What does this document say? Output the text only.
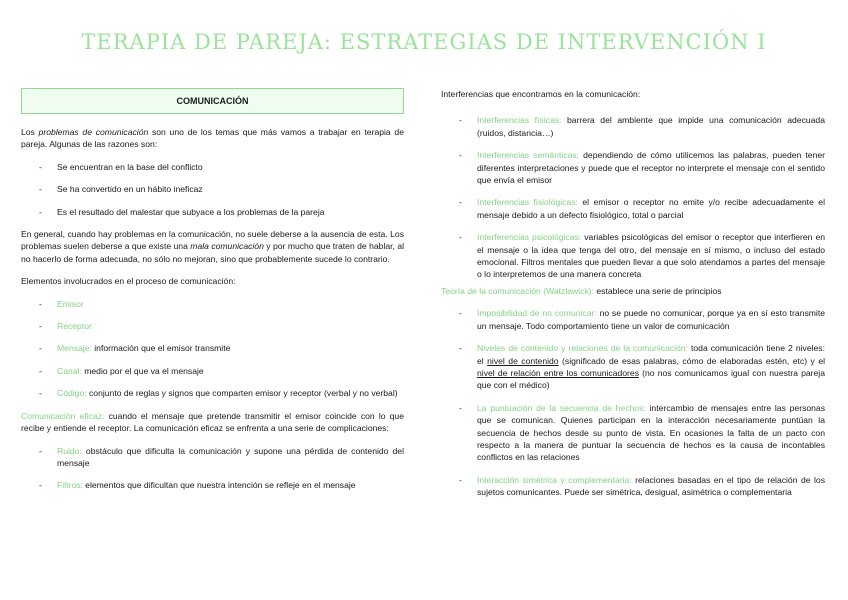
TERAPIA DE PAREJA: ESTRATEGIAS DE INTERVENCIÓN I
COMUNICACIÓN

Los problemas de comunicación son uno de los temas que más vamos a trabajar en terapia de pareja. Algunas de las razones son:

- Se encuentran en la base del conflicto
- Se ha convertido en un hábito ineficaz
- Es el resultado del malestar que subyace a los problemas de la pareja

En general, cuando hay problemas en la comunicación, no suele deberse a la ausencia de esta. Los problemas suelen deberse a que existe una mala comunicación y por mucho que traten de hablar, al no hacerlo de forma adecuada, no sólo no mejoran, sino que probablemente sucede lo contrario.

Elementos involucrados en el proceso de comunicación:

- Emisor
- Receptor
- Mensaje: información que el emisor transmite
- Canal: medio por el que va el mensaje
- Código: conjunto de reglas y signos que comparten emisor y receptor (verbal y no verbal)

Comunicación eficaz: cuando el mensaje que pretende transmitir el emisor coincide con lo que recibe y entiende el receptor. La comunicación eficaz se enfrenta a una serie de complicaciones:

- Ruido: obstáculo que dificulta la comunicación y supone una pérdida de contenido del mensaje
- Filtros: elementos que dificultan que nuestra intención se refleje en el mensaje

Interferencias que encontramos en la comunicación:

- Interferencias físicas: barrera del ambiente que impide una comunicación adecuada (ruidos, distancia…)
- Interferencias semánticas: dependiendo de cómo utilicemos las palabras, pueden tener diferentes interpretaciones y puede que el receptor no interprete el mensaje con el sentido que envía el emisor
- Interferencias fisiológicas: el emisor o receptor no emite y/o recibe adecuadamente el mensaje debido a un defecto fisiológico, total o parcial
- Interferencias psicológicas: variables psicológicas del emisor o receptor que interfieren en el mensaje o la idea que tenga del otro, del mensaje en sí mismo, o incluso del estado emocional. Filtros mentales que pueden llevar a que solo atendamos a partes del mensaje o lo interpretemos de una manera concreta

Teoría de la comunicación (Watzlawick): establece una serie de principios

- Imposibilidad de no comunicar: no se puede no comunicar, porque ya en sí esto transmite un mensaje. Todo comportamiento tiene un valor de comunicación
- Niveles de contenido y relaciones de la comunicación: toda comunicación tiene 2 niveles: el nivel de contenido (significado de esas palabras, cómo de elaboradas estén, etc) y el nivel de relación entre los comunicadores (no nos comunicamos igual con nuestra pareja que con el médico)
- La puntuación de la secuencia de hechos: intercambio de mensajes entre las personas que se comunican. Quienes participan en la interacción necesariamente puntúan la secuencia de hechos desde su punto de vista. En ocasiones la falta de un pacto con respecto a la manera de puntuar la secuencia de hechos es la causa de incontables conflictos en las relaciones
- Interacción simétrica y complementaria: relaciones basadas en el tipo de relación de los sujetos comunicantes. Puede ser simétrica, desigual, asimétrica o complementaria
